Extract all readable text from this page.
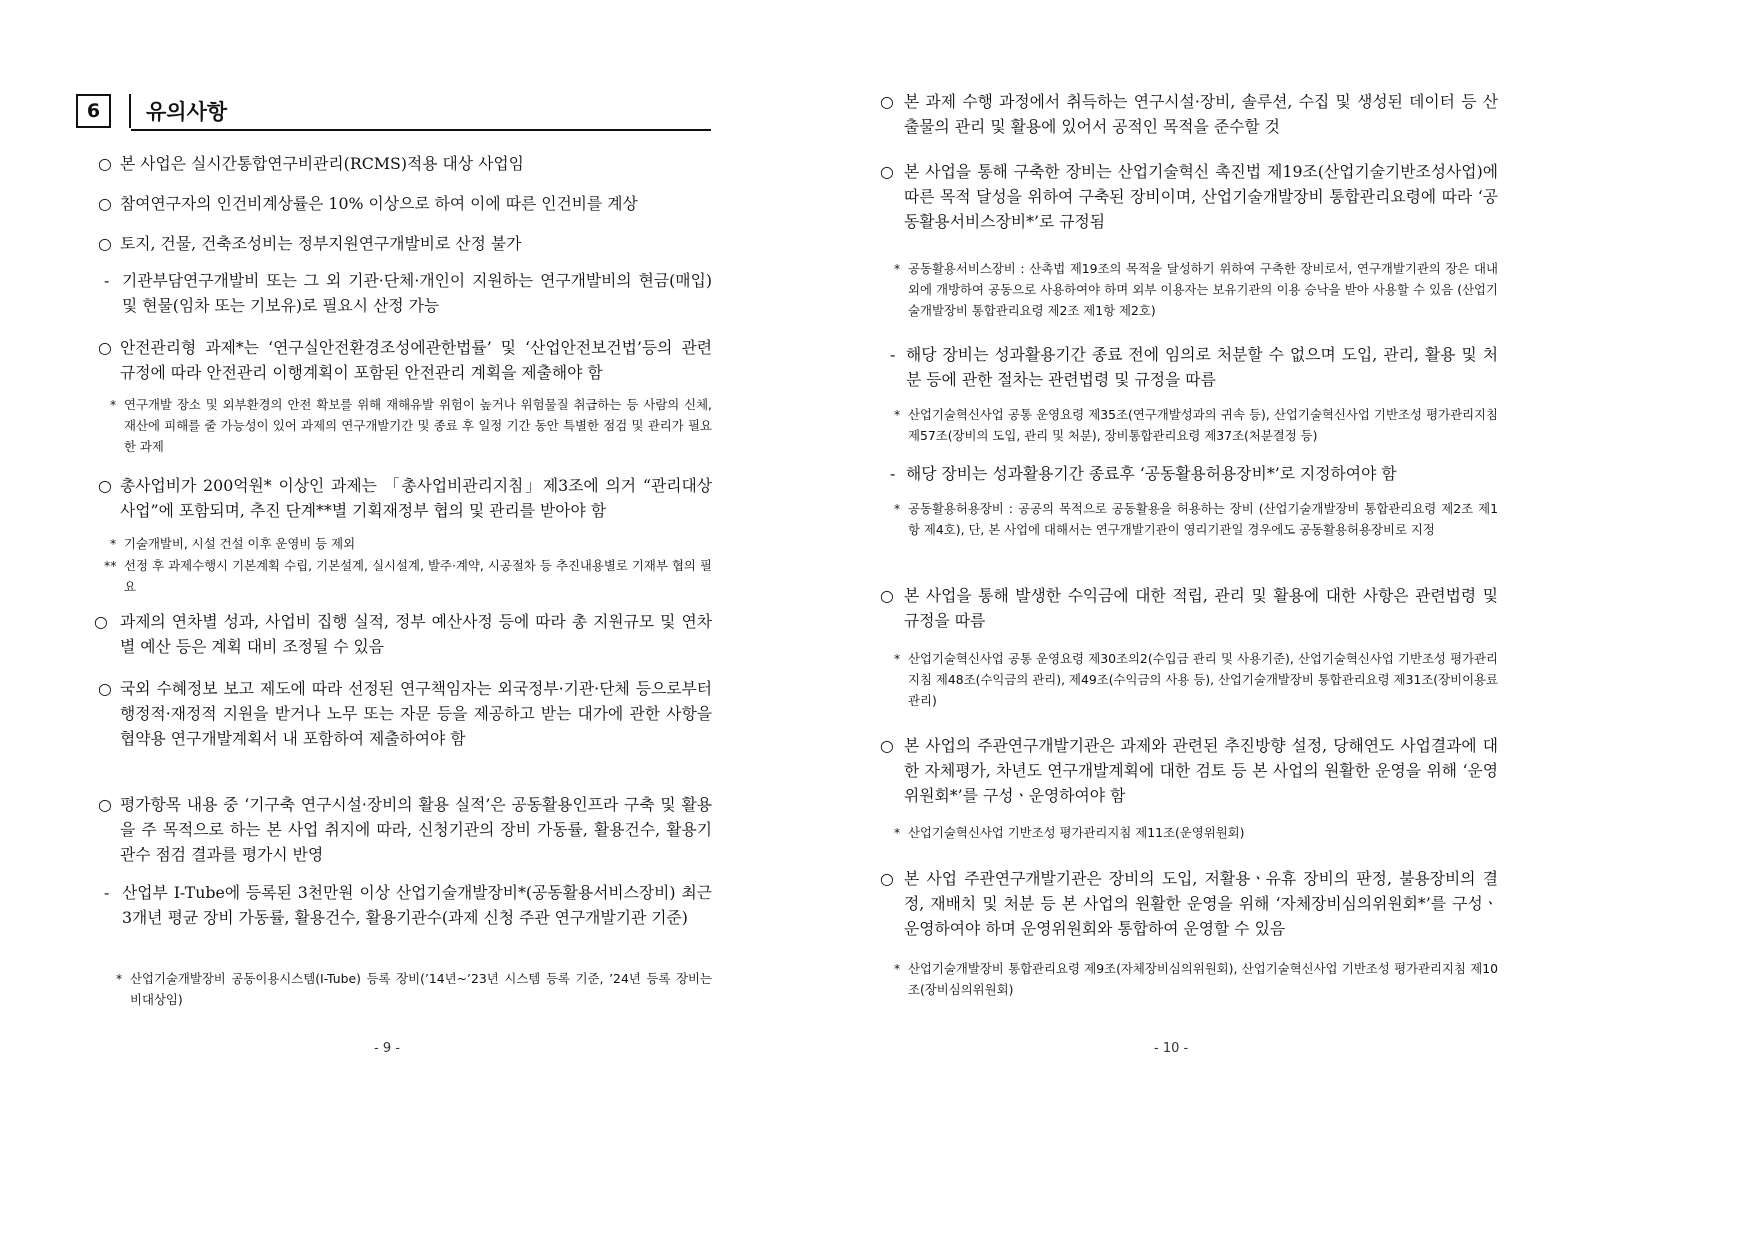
6	유의사항
○ 본 사업은 실시간통합연구비관리(RCMS)적용 대상 사업임
○ 참여연구자의 인건비계상률은 10% 이상으로 하여 이에 따른 인건비를 계상
○ 토지, 건물, 건축조성비는 정부지원연구개발비로 산정 불가
- 기관부담연구개발비 또는 그 외 기관·단체·개인이 지원하는 연구개발비의 현금(매입) 및 현물(임차 또는 기보유)로 필요시 산정 가능
○ 안전관리형 과제*는 ‘연구실안전환경조성에관한법률’ 및 ‘산업안전보건법’등의 관련 규정에 따라 안전관리 이행계획이 포함된 안전관리 계획을 제출해야 함
* 연구개발 장소 및 외부환경의 안전 확보를 위해 재해유발 위험이 높거나 위험물질 취급하는 등 사람의 신체, 재산에 피해를 줄 가능성이 있어 과제의 연구개발기간 및 종료 후 일정 기간 동안 특별한 점검 및 관리가 필요한 과제
○ 총사업비가 200억원* 이상인 과제는 「총사업비관리지침」제3조에 의거 “관리대상 사업”에 포함되며, 추진 단계**별 기획재정부 협의 및 관리를 받아야 함
* 기술개발비, 시설 건설 이후 운영비 등 제외
** 선정 후 과제수행시 기본계획 수립, 기본설계, 실시설계, 발주·계약, 시공절차 등 추진내용별로 기재부 협의 필요
○ 과제의 연차별 성과, 사업비 집행 실적, 정부 예산사정 등에 따라 총 지원규모 및 연차별 예산 등은 계획 대비 조정될 수 있음
○ 국외 수혜정보 보고 제도에 따라 선정된 연구책임자는 외국정부·기관·단체 등으로부터 행정적·재정적 지원을 받거나 노무 또는 자문 등을 제공하고 받는 대가에 관한 사항을 협약용 연구개발계획서 내 포함하여 제출하여야 함
○ 평가항목 내용 중 ‘기구축 연구시설·장비의 활용 실적’은 공동활용인프라 구축 및 활용을 주 목적으로 하는 본 사업 취지에 따라, 신청기관의 장비 가동률, 활용건수, 활용기관수 점검 결과를 평가시 반영
- 산업부 I-Tube에 등록된 3천만원 이상 산업기술개발장비*(공동활용서비스장비) 최근 3개년 평균 장비 가동률, 활용건수, 활용기관수(과제 신청 주관 연구개발기관 기준)
* 산업기술개발장비 공동이용시스템(I-Tube) 등록 장비(’14년~’23년 시스템 등록 기준, ’24년 등록 장비는 비대상임)
- 9 -
○ 본 과제 수행 과정에서 취득하는 연구시설·장비, 솔루션, 수집 및 생성된 데이터 등 산출물의 관리 및 활용에 있어서 공적인 목적을 준수할 것
○ 본 사업을 통해 구축한 장비는 산업기술혁신 촉진법 제19조(산업기술기반조성사업)에 따른 목적 달성을 위하여 구축된 장비이며, 산업기술개발장비 통합관리요령에 따라 ‘공동활용서비스장비*’로 규정됨
* 공동활용서비스장비 : 산촉법 제19조의 목적을 달성하기 위하여 구축한 장비로서, 연구개발기관의 장은 대내외에 개방하여 공동으로 사용하여야 하며 외부 이용자는 보유기관의 이용 승낙을 받아 사용할 수 있음 (산업기술개발장비 통합관리요령 제2조 제1항 제2호)
- 해당 장비는 성과활용기간 종료 전에 임의로 처분할 수 없으며 도입, 관리, 활용 및 처분 등에 관한 절차는 관련법령 및 규정을 따름
* 산업기술혁신사업 공통 운영요령 제35조(연구개발성과의 귀속 등), 산업기술혁신사업 기반조성 평가관리지침 제57조(장비의 도입, 관리 및 처분), 장비통합관리요령 제37조(처분결정 등)
- 해당 장비는 성과활용기간 종료후 ‘공동활용허용장비*’로 지정하여야 함
* 공동활용허용장비 : 공공의 목적으로 공동활용을 허용하는 장비 (산업기술개발장비 통합관리요령 제2조 제1항 제4호), 단, 본 사업에 대해서는 연구개발기관이 영리기관일 경우에도 공동활용허용장비로 지정
○ 본 사업을 통해 발생한 수익금에 대한 적립, 관리 및 활용에 대한 사항은 관련법령 및 규정을 따름
* 산업기술혁신사업 공통 운영요령 제30조의2(수입금 관리 및 사용기준), 산업기술혁신사업 기반조성 평가관리지침 제48조(수익금의 관리), 제49조(수익금의 사용 등), 산업기술개발장비 통합관리요령 제31조(장비이용료 관리)
○ 본 사업의 주관연구개발기관은 과제와 관련된 추진방향 설정, 당해연도 사업결과에 대한 자체평가, 차년도 연구개발계획에 대한 검토 등 본 사업의 원활한 운영을 위해 ‘운영위원회*’를 구성ㆍ운영하여야 함
* 산업기술혁신사업 기반조성 평가관리지침 제11조(운영위원회)
○ 본 사업 주관연구개발기관은 장비의 도입, 저활용ㆍ유휴 장비의 판정, 불용장비의 결정, 재배치 및 처분 등 본 사업의 원활한 운영을 위해 ‘자체장비심의위원회*’를 구성ㆍ운영하여야 하며 운영위원회와 통합하여 운영할 수 있음
* 산업기술개발장비 통합관리요령 제9조(자체장비심의위원회), 산업기술혁신사업 기반조성 평가관리지침 제10조(장비심의위원회)
- 10 -
